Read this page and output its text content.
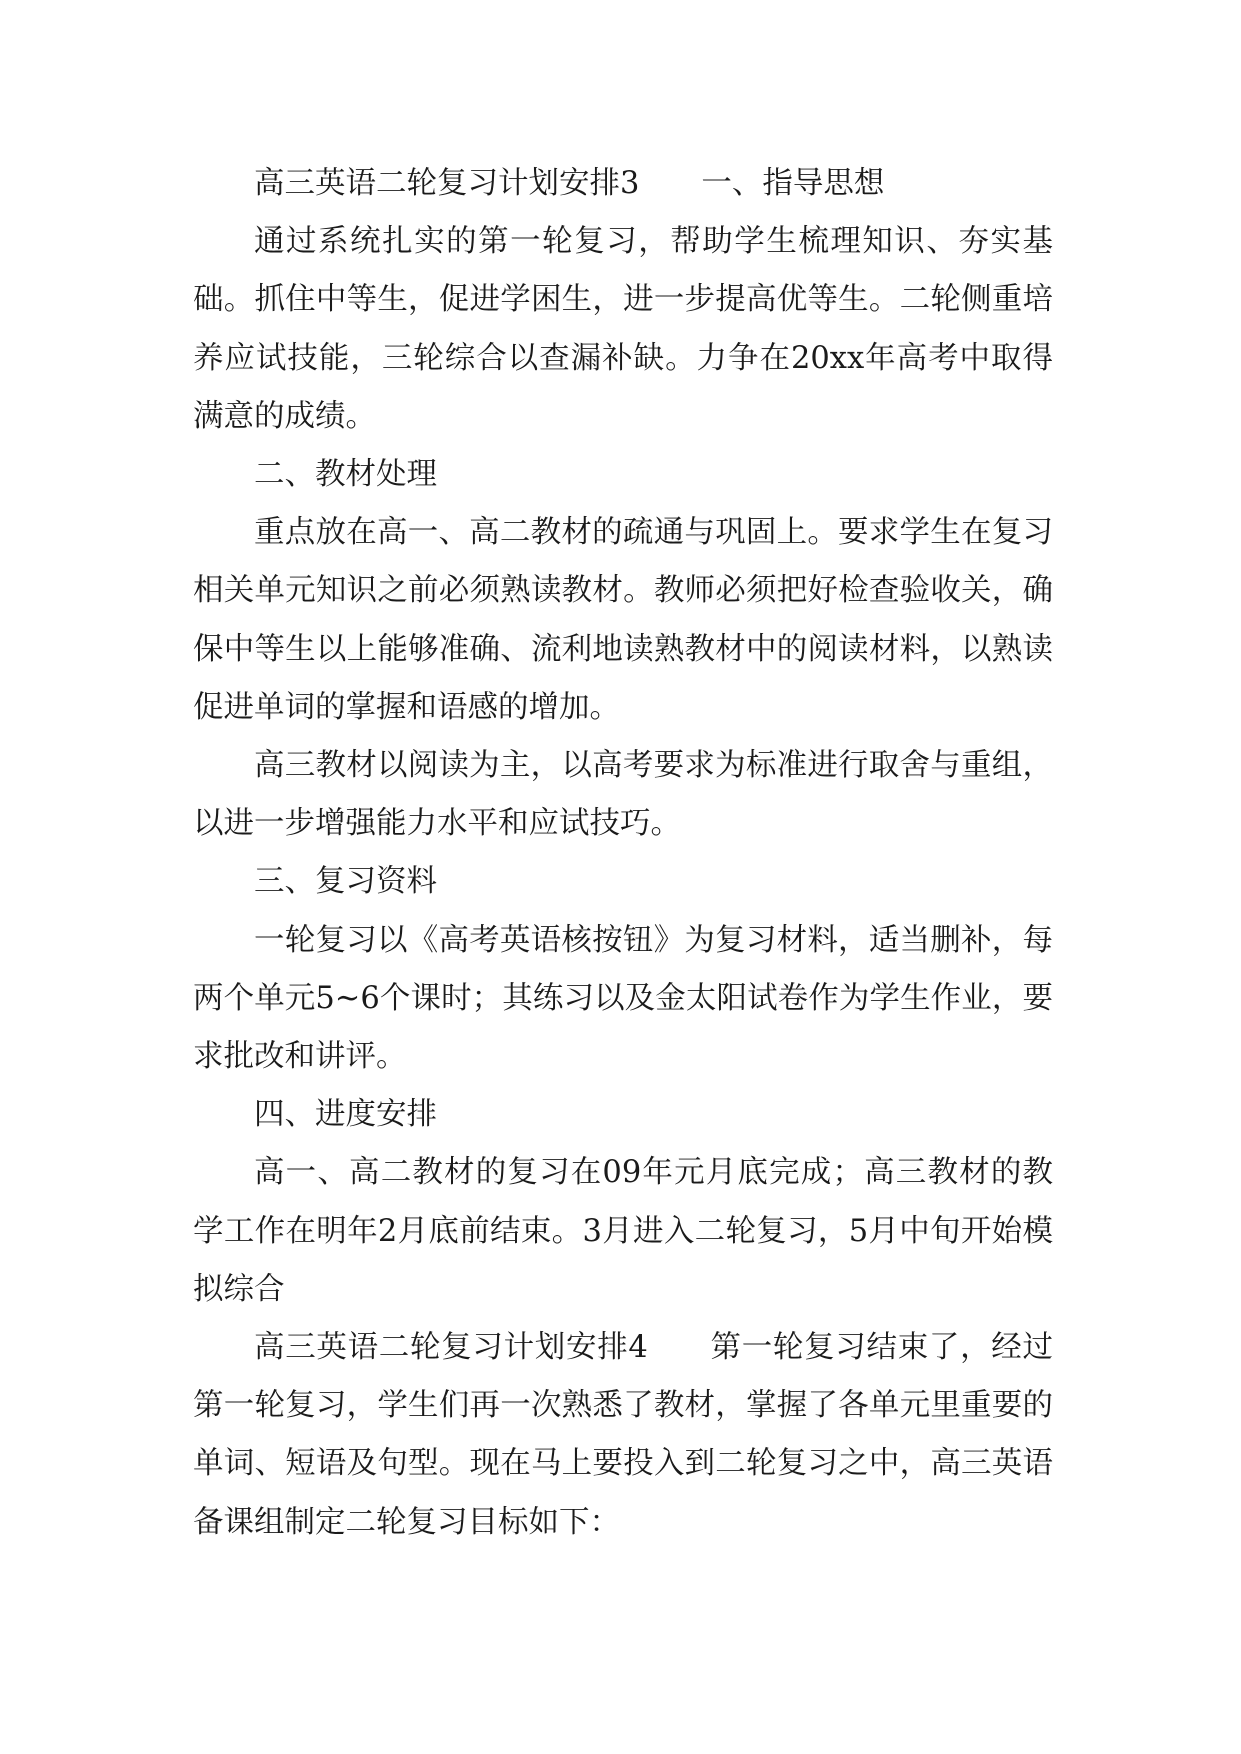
高三英语二轮复习计划安排3 一、指导思想

通过系统扎实的第一轮复习，帮助学生梳理知识、夯实基础。抓住中等生，促进学困生，进一步提高优等生。二轮侧重培养应试技能，三轮综合以查漏补缺。力争在20xx年高考中取得满意的成绩。

二、教材处理

重点放在高一、高二教材的疏通与巩固上。要求学生在复习相关单元知识之前必须熟读教材。教师必须把好检查验收关，确保中等生以上能够准确、流利地读熟教材中的阅读材料，以熟读促进单词的掌握和语感的增加。

高三教材以阅读为主，以高考要求为标准进行取舍与重组，以进一步增强能力水平和应试技巧。

三、复习资料

一轮复习以《高考英语核按钮》为复习材料，适当删补，每两个单元5~6个课时；其练习以及金太阳试卷作为学生作业，要求批改和讲评。

四、进度安排

高一、高二教材的复习在09年元月底完成；高三教材的教学工作在明年2月底前结束。3月进入二轮复习，5月中旬开始模拟综合

高三英语二轮复习计划安排4 第一轮复习结束了，经过第一轮复习，学生们再一次熟悉了教材，掌握了各单元里重要的单词、短语及句型。现在马上要投入到二轮复习之中，高三英语备课组制定二轮复习目标如下：
